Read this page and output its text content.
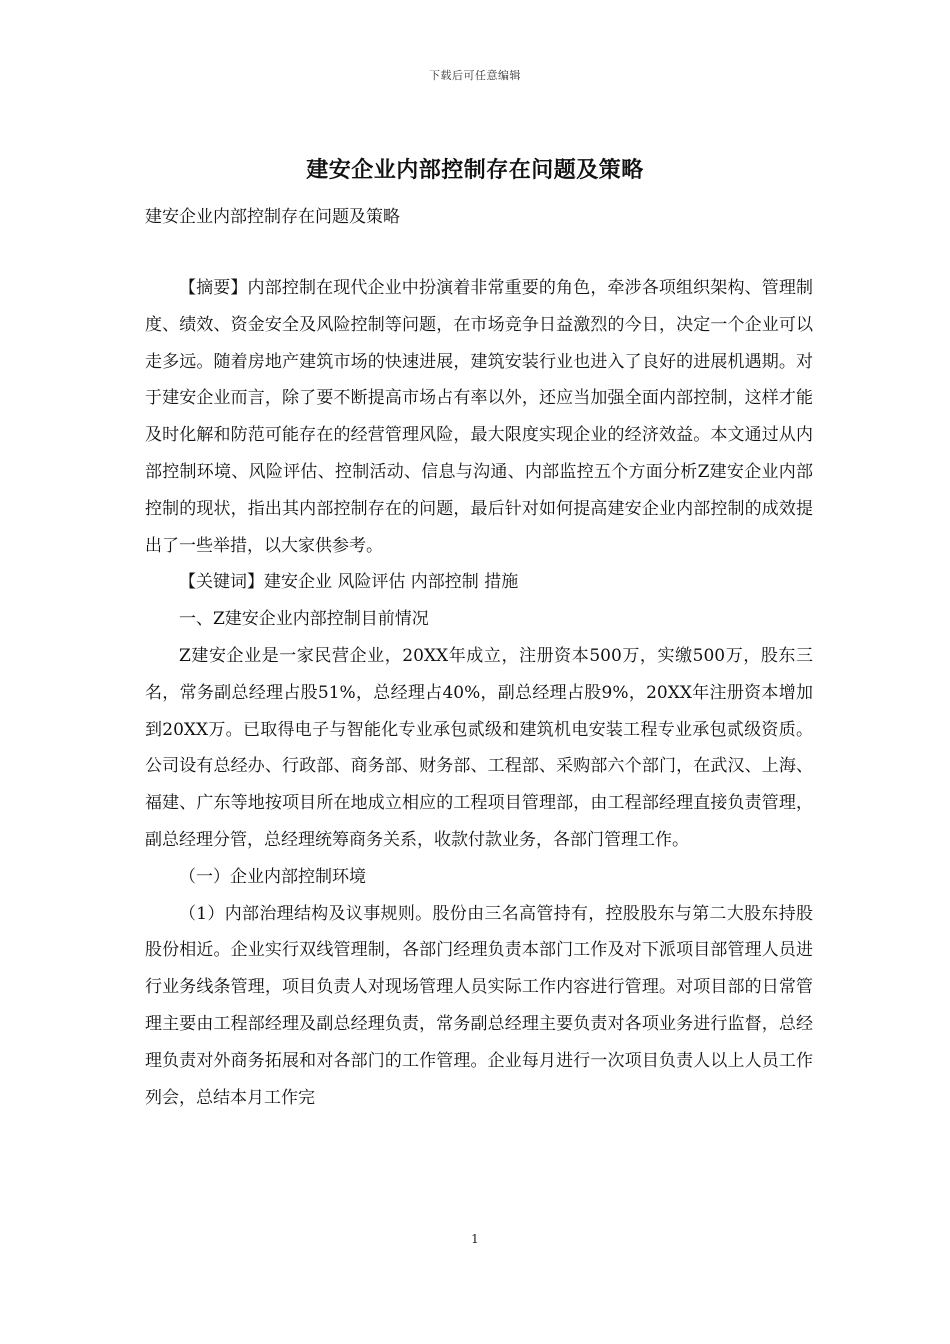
下载后可任意编辑
建安企业内部控制存在问题及策略
建安企业内部控制存在问题及策略

【摘要】内部控制在现代企业中扮演着非常重要的角色，牵涉各项组织架构、管理制度、绩效、资金安全及风险控制等问题，在市场竞争日益激烈的今日，决定一个企业可以走多远。随着房地产建筑市场的快速进展，建筑安装行业也进入了良好的进展机遇期。对于建安企业而言，除了要不断提高市场占有率以外，还应当加强全面内部控制，这样才能及时化解和防范可能存在的经营管理风险，最大限度实现企业的经济效益。本文通过从内部控制环境、风险评估、控制活动、信息与沟通、内部监控五个方面分析Z建安企业内部控制的现状，指出其内部控制存在的问题，最后针对如何提高建安企业内部控制的成效提出了一些举措，以大家供参考。

【关键词】建安企业 风险评估 内部控制 措施

一、Z建安企业内部控制目前情况

Z建安企业是一家民营企业，20XX年成立，注册资本500万，实缴500万，股东三名，常务副总经理占股51%，总经理占40%，副总经理占股9%，20XX年注册资本增加到20XX万。已取得电子与智能化专业承包贰级和建筑机电安装工程专业承包贰级资质。公司设有总经办、行政部、商务部、财务部、工程部、采购部六个部门，在武汉、上海、福建、广东等地按项目所在地成立相应的工程项目管理部，由工程部经理直接负责管理，副总经理分管，总经理统筹商务关系，收款付款业务，各部门管理工作。

（一）企业内部控制环境

（1）内部治理结构及议事规则。股份由三名高管持有，控股股东与第二大股东持股股份相近。企业实行双线管理制，各部门经理负责本部门工作及对下派项目部管理人员进行业务线条管理，项目负责人对现场管理人员实际工作内容进行管理。对项目部的日常管理主要由工程部经理及副总经理负责，常务副总经理主要负责对各项业务进行监督，总经理负责对外商务拓展和对各部门的工作管理。企业每月进行一次项目负责人以上人员工作列会，总结本月工作完

1
